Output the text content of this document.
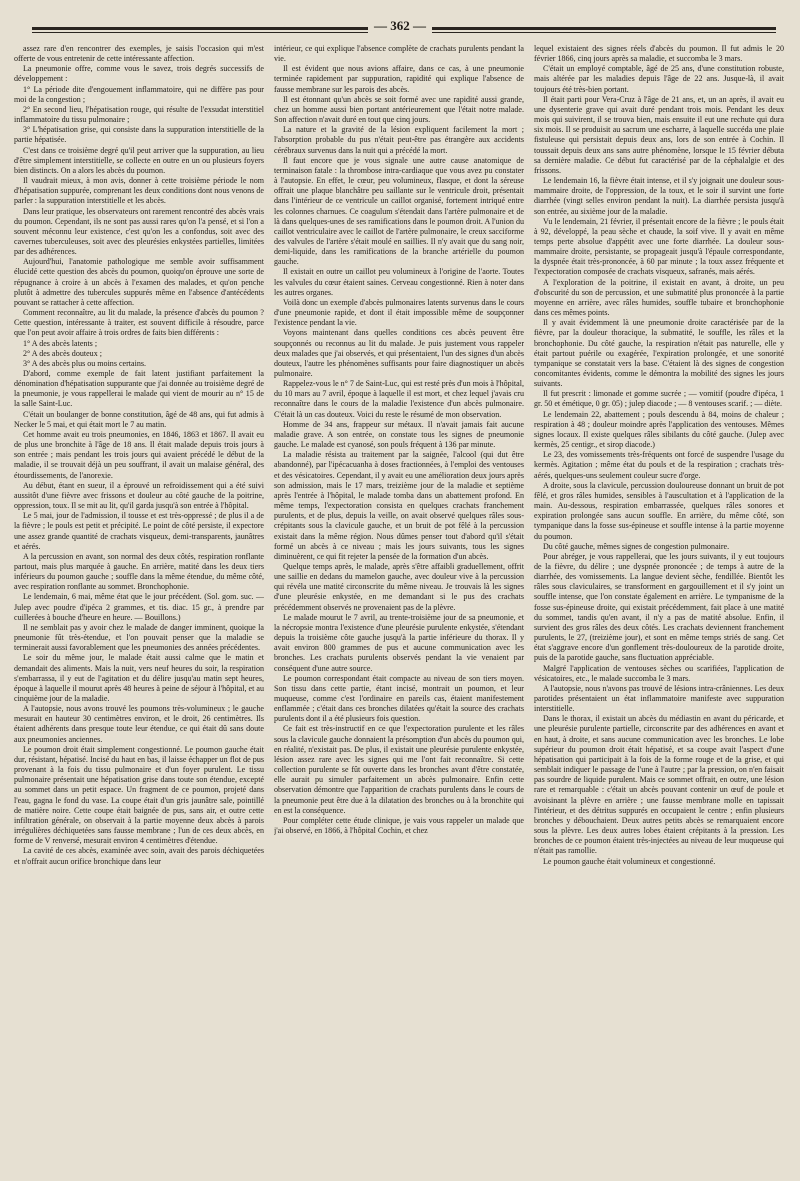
— 362 —

assez rare d'en rencontrer des exemples, je saisis l'occasion qui m'est offerte de vous entretenir de cette intéressante affection.

La pneumonie offre, comme vous le savez, trois degrés successifs de développement :

1° La période dite d'engouement inflammatoire, qui ne diffère pas pour moi de la congestion ;

2° En second lieu, l'hépatisation rouge, qui résulte de l'exsudat interstitiel inflammatoire du tissu pulmonaire ;

3° L'hépatisation grise, qui consiste dans la suppuration interstitielle de la partie hépatisée.

C'est dans ce troisième degré qu'il peut arriver que la suppuration, au lieu d'être simplement interstitielle, se collecte en outre en un ou plusieurs foyers bien distincts. On a alors les abcès du poumon.

Il vaudrait mieux, à mon avis, donner à cette troisième période le nom d'hépatisation suppurée, comprenant les deux conditions dont nous venons de parler : la suppuration interstitielle et les abcès.

Dans leur pratique, les observateurs ont rarement rencontré des abcès vrais du poumon. Cependant, ils ne sont pas aussi rares qu'on l'a pensé, et si l'on a souvent méconnu leur existence, c'est qu'on les a confondus, soit avec des cavernes tuberculeuses, soit avec des pleurésies enkystées partielles, limitées par des adhérences.

Aujourd'hui, l'anatomie pathologique me semble avoir suffisamment élucidé cette question des abcès du poumon, quoiqu'on éprouve une sorte de répugnance à croire à un abcès à l'examen des malades, et qu'on penche plutôt à admettre des tubercules suppurés même en l'absence d'antécédents pouvant se rattacher à cette affection.

Comment reconnaître, au lit du malade, la présence d'abcès du poumon ? Cette question, intéressante à traiter, est souvent difficile à résoudre, parce que l'on peut avoir affaire à trois ordres de faits bien différents :

1° A des abcès latents ;

2° A des abcès douteux ;

3° A des abcès plus ou moins certains.

D'abord, comme exemple de fait latent justifiant parfaitement la dénomination d'hépatisation suppurante que j'ai donnée au troisième degré de la pneumonie, je vous rappellerai le malade qui vient de mourir au n° 15 de la salle Saint-Luc.

C'était un boulanger de bonne constitution, âgé de 48 ans, qui fut admis à Necker le 5 mai, et qui était mort le 7 au matin.

Cet homme avait eu trois pneumonies, en 1846, 1863 et 1867. Il avait eu de plus une bronchite à l'âge de 18 ans. Il était malade depuis trois jours à son entrée ; mais pendant les trois jours qui avaient précédé le début de la maladie, il se trouvait déjà un peu souffrant, il avait un malaise général, des étourdissements, de l'anorexie.

Au début, étant en sueur, il a éprouvé un refroidissement qui a été suivi aussitôt d'une fièvre avec frissons et douleur au côté gauche de la poitrine, oppression, toux. Il se mit au lit, qu'il garda jusqu'à son entrée à l'hôpital.

Le 5 mai, jour de l'admission, il tousse et est très-oppressé ; de plus il a de la fièvre ; le pouls est petit et précipité. Le point de côté persiste, il expectore une assez grande quantité de crachats visqueux, demi-transparents, jaunâtres et aérés.

A la percussion en avant, son normal des deux côtés, respiration ronflante partout, mais plus marquée à gauche. En arrière, matité dans les deux tiers inférieurs du poumon gauche ; souffle dans la même étendue, du même côté, avec respiration ronflante au sommet. Bronchophonie.

Le lendemain, 6 mai, même état que le jour précédent. (Sol. gom. suc. — Julep avec poudre d'ipéca 2 grammes, et tis. diac. 15 gr., à prendre par cuillerées à bouche d'heure en heure. — Bouillons.)

Il ne semblait pas y avoir chez le malade de danger imminent, quoique la pneumonie fût très-étendue, et l'on pouvait penser que la maladie se terminerait aussi favorablement que les pneumonies des années précédentes.

Le soir du même jour, le malade était aussi calme que le matin et demandait des aliments. Mais la nuit, vers neuf heures du soir, la respiration s'embarrassa, il y eut de l'agitation et du délire jusqu'au matin sept heures, époque à laquelle il mourut après 48 heures à peine de séjour à l'hôpital, et au cinquième jour de la maladie.

A l'autopsie, nous avons trouvé les poumons très-volumineux ; le gauche mesurait en hauteur 30 centimètres environ, et le droit, 26 centimètres. Ils étaient adhérents dans presque toute leur étendue, ce qui était dû sans doute aux pneumonies anciennes.

Le poumon droit était simplement congestionné. Le poumon gauche était dur, résistant, hépatisé. Incisé du haut en bas, il laisse échapper un flot de pus provenant à la fois du tissu pulmonaire et d'un foyer purulent. Le tissu pulmonaire présentait une hépatisation grise dans toute son étendue, excepté au sommet dans un petit espace. Un fragment de ce poumon, projeté dans l'eau, gagna le fond du vase. La coupe était d'un gris jaunâtre sale, pointillé de matière noire. Cette coupe était baignée de pus, sans air, et outre cette infiltration générale, on observait à la partie moyenne deux abcès à parois irrégulières déchiquetées sans fausse membrane ; l'un de ces deux abcès, en forme de V renversé, mesurait environ 4 centimètres d'étendue.

La cavité de ces abcès, examinée avec soin, avait des parois déchiquetées et n'offrait aucun orifice bronchique dans leur

intérieur, ce qui explique l'absence complète de crachats purulents pendant la vie.

Il est évident que nous avions affaire, dans ce cas, à une pneumonie terminée rapidement par suppuration, rapidité qui explique l'absence de fausse membrane sur les parois des abcès.

Il est étonnant qu'un abcès se soit formé avec une rapidité aussi grande, chez un homme aussi bien portant antérieurement que l'était notre malade. Son affection n'avait duré en tout que cinq jours.

La nature et la gravité de la lésion expliquent facilement la mort ; l'absorption probable du pus n'était peut-être pas étrangère aux accidents cérébraux survenus dans la nuit qui a précédé la mort.

Il faut encore que je vous signale une autre cause anatomique de terminaison fatale : la thrombose intra-cardiaque que vous avez pu constater à l'autopsie. En effet, le cœur, peu volumineux, flasque, et dont la séreuse offrait une plaque blanchâtre peu saillante sur le ventricule droit, présentait dans l'intérieur de ce ventricule un caillot organisé, fortement intriqué entre les colonnes charnues. Ce coagulum s'étendait dans l'artère pulmonaire et de là dans quelques-unes de ses ramifications dans le poumon droit. A l'union du caillot ventriculaire avec le caillot de l'artère pulmonaire, le creux sacciforme des valvules de l'artère s'était moulé en saillies. Il n'y avait que du sang noir, demi-liquide, dans les ramifications de la branche artérielle du poumon gauche.

Il existait en outre un caillot peu volumineux à l'origine de l'aorte. Toutes les valvules du cœur étaient saines. Cerveau congestionné. Rien à noter dans les autres organes.

Voilà donc un exemple d'abcès pulmonaires latents survenus dans le cours d'une pneumonie rapide, et dont il était impossible même de soupçonner l'existence pendant la vie.

Voyons maintenant dans quelles conditions ces abcès peuvent être soupçonnés ou reconnus au lit du malade. Je puis justement vous rappeler deux malades que j'ai observés, et qui présentaient, l'un des signes d'un abcès douteux, l'autre les phénomènes suffisants pour faire diagnostiquer un abcès pulmonaire.

Rappelez-vous le n° 7 de Saint-Luc, qui est resté près d'un mois à l'hôpital, du 10 mars au 7 avril, époque à laquelle il est mort, et chez lequel j'avais cru reconnaître dans le cours de la maladie l'existence d'un abcès pulmonaire. C'était là un cas douteux. Voici du reste le résumé de mon observation.

Homme de 34 ans, frappeur sur métaux. Il n'avait jamais fait aucune maladie grave. A son entrée, on constate tous les signes de pneumonie gauche. Le malade est cyanosé, son pouls fréquent à 136 par minute.

La maladie résista au traitement par la saignée, l'alcool (qui dut être abandonné), par l'ipécacuanha à doses fractionnées, à l'emploi des ventouses et des vésicatoires. Cependant, il y avait eu une amélioration deux jours après son admission, mais le 17 mars, treizième jour de la maladie et septième après l'entrée à l'hôpital, le malade tomba dans un abattement profond. En même temps, l'expectoration consista en quelques crachats franchement purulents, et de plus, depuis la veille, on avait observé quelques râles sous-crépitants sous la clavicule gauche, et un bruit de pot fêlé à la percussion existait dans la même région. Nous dûmes penser tout d'abord qu'il s'était formé un abcès à ce niveau ; mais les jours suivants, tous les signes diminuèrent, ce qui fit rejeter la pensée de la formation d'un abcès.

Quelque temps après, le malade, après s'être affaibli graduellement, offrit une saillie en dedans du mamelon gauche, avec douleur vive à la percussion qui révéla une matité circonscrite du même niveau. Je trouvais là les signes d'une pleurésie enkystée, en me demandant si le pus des crachats précédemment observés ne provenaient pas de la plèvre.

Le malade mourut le 7 avril, au trente-troisième jour de sa pneumonie, et la nécropsie montra l'existence d'une pleurésie purulente enkystée, s'étendant depuis la troisième côte gauche jusqu'à la partie inférieure du thorax. Il y avait environ 800 grammes de pus et aucune communication avec les bronches. Les crachats purulents observés pendant la vie venaient par conséquent d'une autre source.

Le poumon correspondant était compacte au niveau de son tiers moyen. Son tissu dans cette partie, étant incisé, montrait un poumon, et leur muqueuse, comme c'est l'ordinaire en pareils cas, étaient manifestement enflammée ; c'était dans ces bronches dilatées qu'était la source des crachats purulents dont il a été plusieurs fois question.

Ce fait est très-instructif en ce que l'expectoration purulente et les râles sous la clavicule gauche donnaient la présomption d'un abcès du poumon qui, en réalité, n'existait pas. De plus, il existait une pleurésie purulente enkystée, lésion assez rare avec les signes qui me l'ont fait reconnaître. Si cette collection purulente se fût ouverte dans les bronches avant d'être constatée, elle aurait pu simuler parfaitement un abcès pulmonaire. Enfin cette observation démontre que l'apparition de crachats purulents dans le cours de la pneumonie peut être due à la dilatation des bronches ou à la bronchite qui en est la conséquence.

Pour compléter cette étude clinique, je vais vous rappeler un malade que j'ai observé, en 1866, à l'hôpital Cochin, et chez

lequel existaient des signes réels d'abcès du poumon. Il fut admis le 20 février 1866, cinq jours après sa maladie, et succomba le 3 mars.

C'était un employé comptable, âgé de 25 ans, d'une constitution robuste, mais altérée par les maladies depuis l'âge de 22 ans. Jusque-là, il avait toujours été très-bien portant.

Il était parti pour Vera-Cruz à l'âge de 21 ans, et, un an après, il avait eu une dysenterie grave qui avait duré pendant trois mois. Pendant les deux mois qui suivirent, il se trouva bien, mais ensuite il eut une rechute qui dura six mois. Il se produisit au sacrum une escharre, à laquelle succéda une plaie fistuleuse qui persistait depuis deux ans, lors de son entrée à Cochin. Il toussait depuis deux ans sans autre phénomène, lorsque le 15 février débuta sa dernière maladie. Ce début fut caractérisé par de la céphalalgie et des frissons.

Le lendemain 16, la fièvre était intense, et il s'y joignait une douleur sous-mammaire droite, de l'oppression, de la toux, et le soir il survint une forte diarrhée (vingt selles environ pendant la nuit). La diarrhée persista jusqu'à son entrée, au sixième jour de la maladie.

Vu le lendemain, 21 février, il présentait encore de la fièvre ; le pouls était à 92, développé, la peau sèche et chaude, la soif vive. Il y avait en même temps perte absolue d'appétit avec une forte diarrhée. La douleur sous-mammaire droite, persistante, se propageait jusqu'à l'épaule correspondante, la dyspnée était très-prononcée, à 60 par minute ; la toux assez fréquente et l'expectoration composée de crachats visqueux, safranés, mais aérés.

A l'exploration de la poitrine, il existait en avant, à droite, un peu d'obscurité du son de percussion, et une submatité plus prononcée à la partie moyenne en arrière, avec râles humides, souffle tubaire et bronchophonie dans ces mêmes points.

Il y avait évidemment là une pneumonie droite caractérisée par de la fièvre, par la douleur thoracique, la submatité, le souffle, les râles et la bronchophonie. Du côté gauche, la respiration n'était pas naturelle, elle y était partout puérile ou exagérée, l'expiration prolongée, et une sonorité tympanique se constatait vers la base. C'étaient là des signes de congestion concomitantes évidents, comme le démontra la mobilité des signes les jours suivants.

Il fut prescrit : limonade et gomme sucrée ; — vomitif (poudre d'ipéca, 1 gr. 50 et émétique, 0 gr. 05) ; julep diacode ; — 8 ventouses scarif. ; — diète.

Le lendemain 22, abattement ; pouls descendu à 84, moins de chaleur ; respiration à 48 ; douleur moindre après l'application des ventouses. Mêmes signes locaux. Il existe quelques râles sibilants du côté gauche. (Julep avec kermès, 25 centigr., et sirop diacode.)

Le 23, des vomissements très-fréquents ont forcé de suspendre l'usage du kermès. Agitation ; même état du pouls et de la respiration ; crachats très-aérés, quelques-uns seulement couleur sucre d'orge.

A droite, sous la clavicule, percussion douloureuse donnant un bruit de pot fêlé, et gros râles humides, sensibles à l'auscultation et à l'application de la main. Au-dessous, respiration embarrassée, quelques râles sonores et expiration prolongée sans aucun souffle. En arrière, du même côté, son tympanique dans la fosse sus-épineuse et souffle intense à la partie moyenne du poumon.

Du côté gauche, mêmes signes de congestion pulmonaire.

Pour abréger, je vous rappellerai, que les jours suivants, il y eut toujours de la fièvre, du délire ; une dyspnée prononcée ; de temps à autre de la diarrhée, des vomissements. La langue devient sèche, fendillée. Bientôt les râles sous claviculaires, se transforment en gargouillement et il s'y joint un souffle intense, que l'on constate également en arrière. Le tympanisme de la fosse sus-épineuse droite, qui existait précédemment, fait place à une matité du sommet, tandis qu'en avant, il n'y a pas de matité absolue. Enfin, il survient des gros râles des deux côtés. Les crachats deviennent franchement purulents, le 27, (treizième jour), et sont en même temps striés de sang. Cet état s'aggrave encore d'un gonflement très-douloureux de la parotide droite, puis de la parotide gauche, sans fluctuation appréciable.

Malgré l'application de ventouses sèches ou scarifiées, l'application de vésicatoires, etc., le malade succomba le 3 mars.

A l'autopsie, nous n'avons pas trouvé de lésions intra-crâniennes. Les deux parotides présentaient un état inflammatoire manifeste avec suppuration interstitielle.

Dans le thorax, il existait un abcès du médiastin en avant du péricarde, et une pleurésie purulente partielle, circonscrite par des adhérences en avant et en haut, à droite, et sans aucune communication avec les bronches. Le lobe supérieur du poumon droit était hépatisé, et sa coupe avait l'aspect d'une hépatisation qui participait à la fois de la forme rouge et de la grise, et qui semblait indiquer le passage de l'une à l'autre ; par la pression, on n'en faisait pas sourdre de liquide purulent. Mais ce sommet offrait, en outre, une lésion rare et remarquable : c'était un abcès pouvant contenir un œuf de poule et avoisinant la plèvre en arrière ; une fausse membrane molle en tapissait l'intérieur, et des détritus suppurés en occupaient le centre ; enfin plusieurs bronches y débouchaient. Deux autres petits abcès se remarquaient encore sous la plèvre. Les deux autres lobes étaient crépitants à la pression. Les bronches de ce poumon étaient très-injectées au niveau de leur muqueuse qui n'était pas ramollie.

Le poumon gauche était volumineux et congestionné.
